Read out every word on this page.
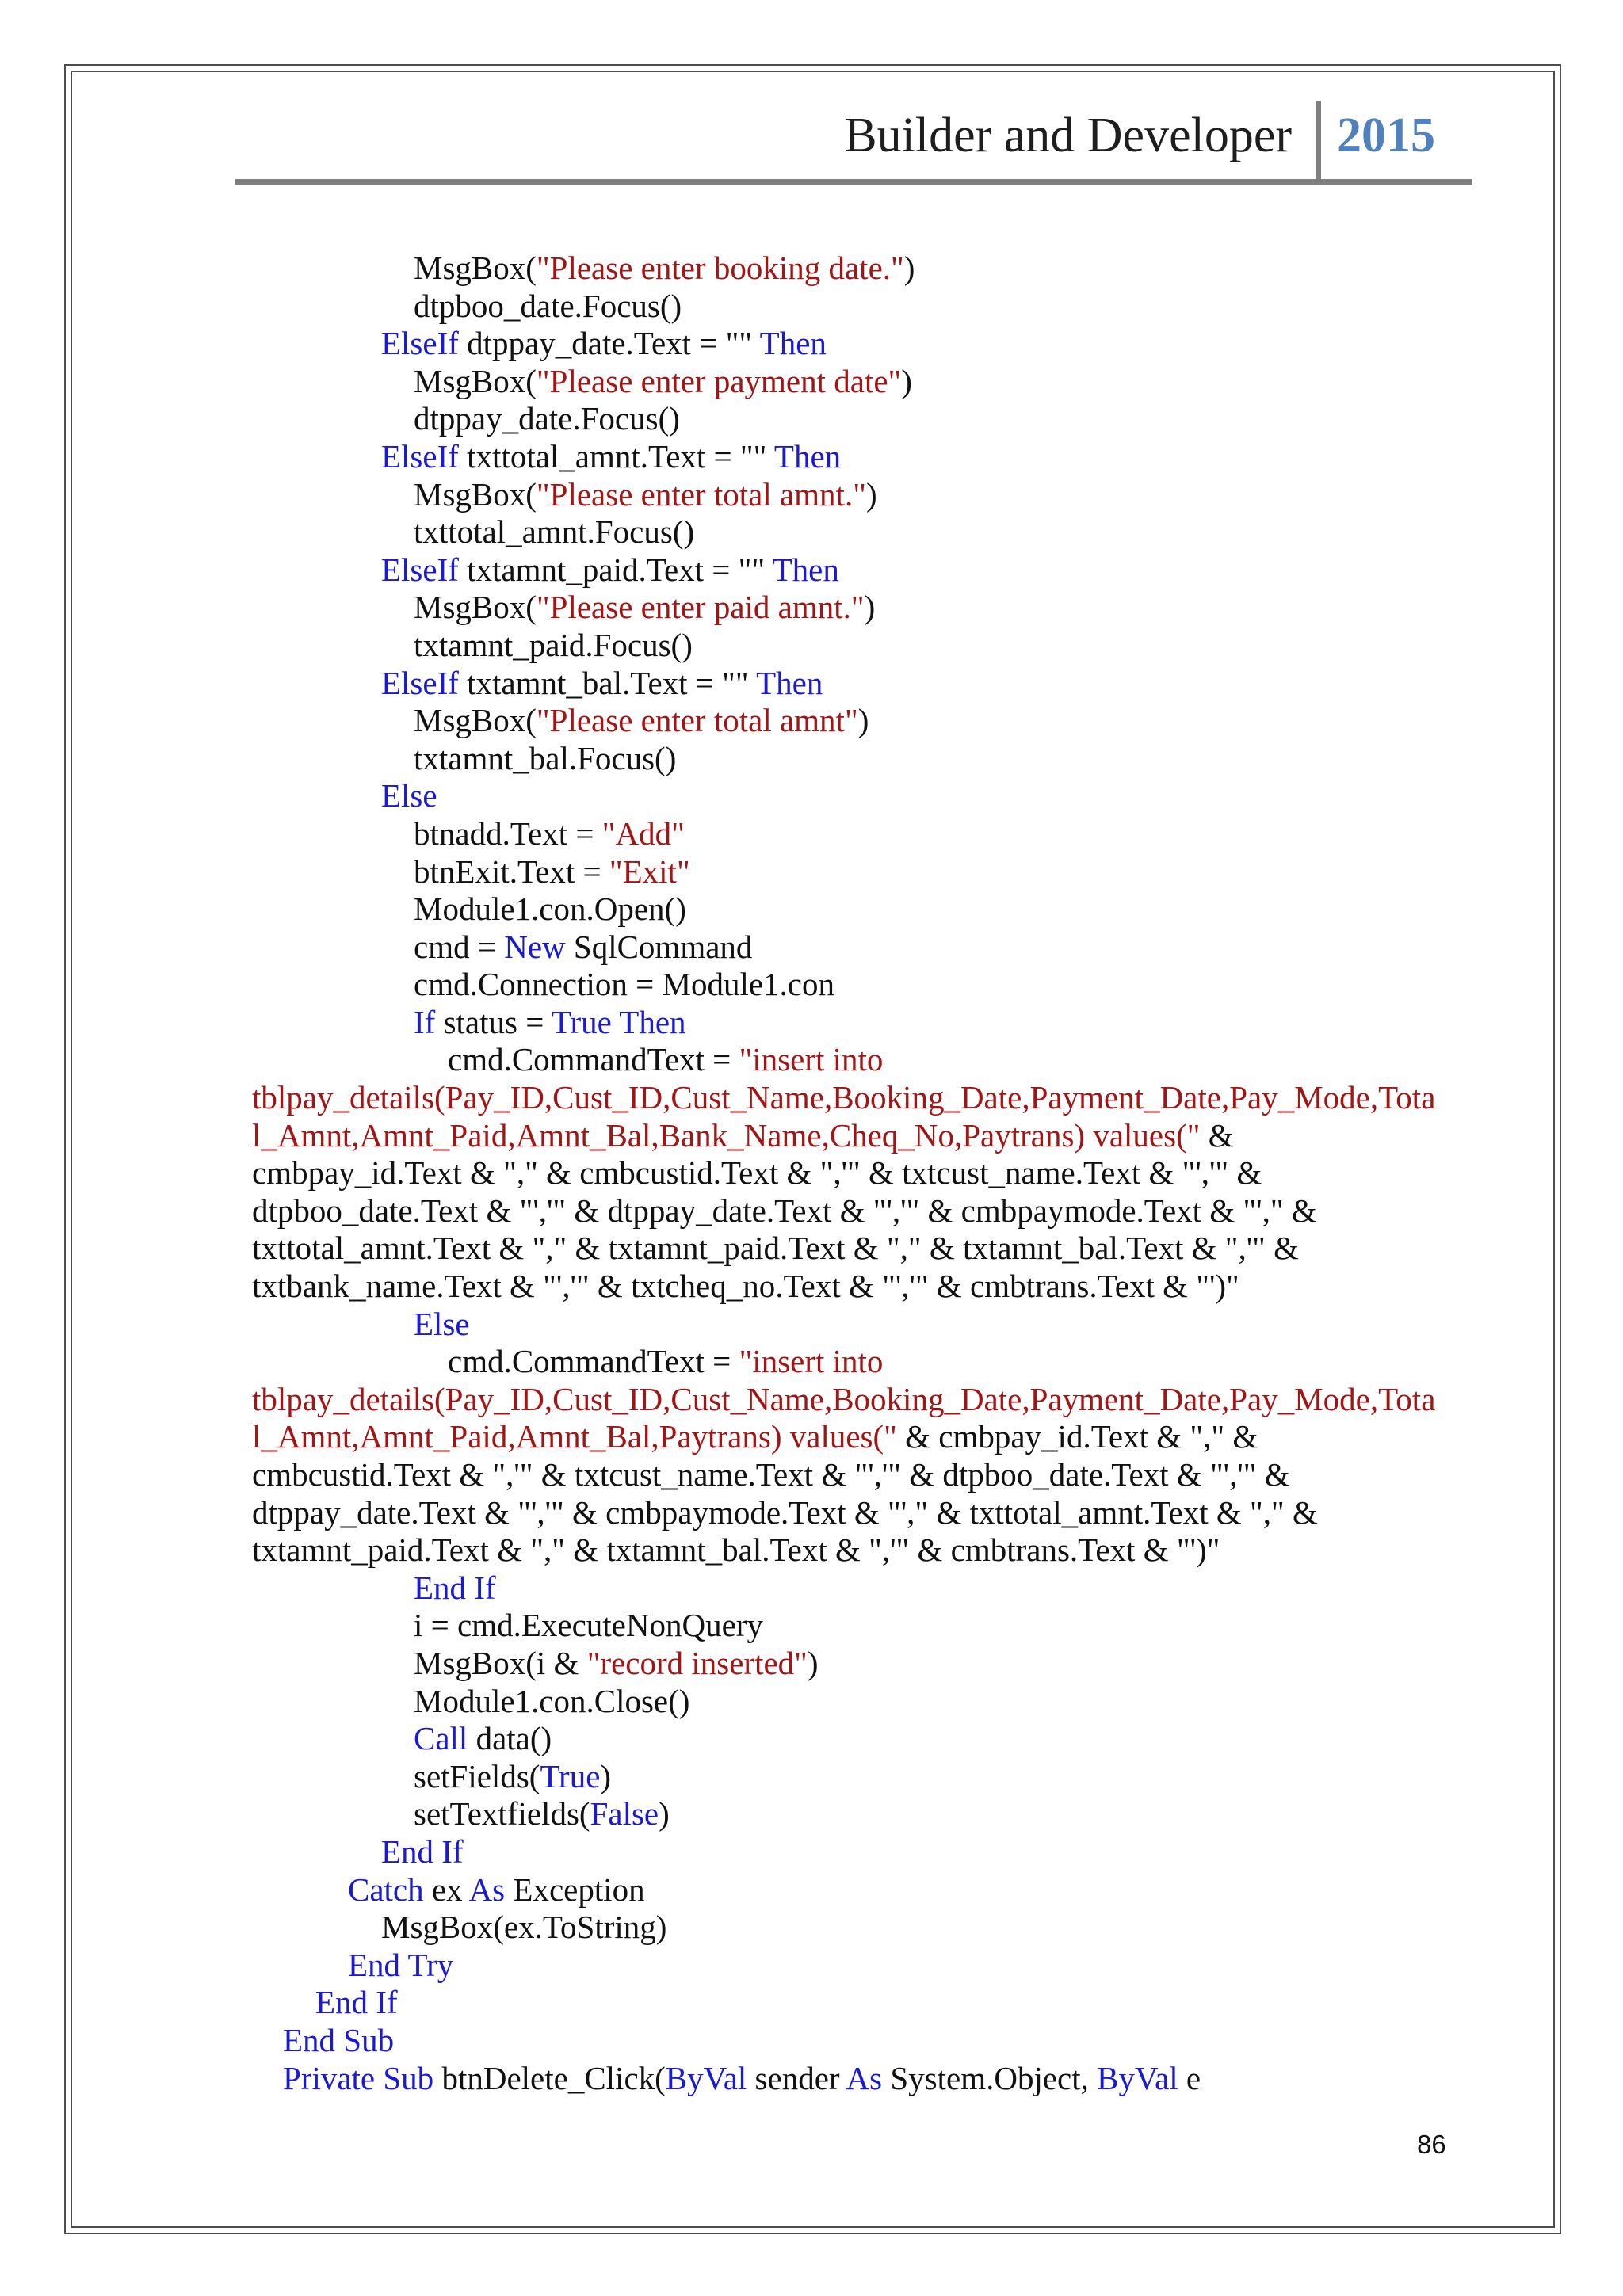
Builder and Developer 2015
MsgBox("Please enter booking date.")
dtpboo_date.Focus()
ElseIf dtppay_date.Text = "" Then
MsgBox("Please enter payment date")
dtppay_date.Focus()
ElseIf txttotal_amnt.Text = "" Then
MsgBox("Please enter total amnt.")
txttotal_amnt.Focus()
ElseIf txtamnt_paid.Text = "" Then
MsgBox("Please enter paid amnt.")
txtamnt_paid.Focus()
ElseIf txtamnt_bal.Text = "" Then
MsgBox("Please enter total amnt")
txtamnt_bal.Focus()
Else
btnadd.Text = "Add"
btnExit.Text = "Exit"
Module1.con.Open()
cmd = New SqlCommand
cmd.Connection = Module1.con
If status = True Then
cmd.CommandText = "insert into
tblpay_details(Pay_ID,Cust_ID,Cust_Name,Booking_Date,Payment_Date,Pay_Mode,Tota
l_Amnt,Amnt_Paid,Amnt_Bal,Bank_Name,Cheq_No,Paytrans) values(" &
cmbpay_id.Text & "," & cmbcustid.Text & ",'" & txtcust_name.Text & "','" &
dtpboo_date.Text & "','" & dtppay_date.Text & "','" & cmbpaymode.Text & "'," &
txttotal_amnt.Text & "," & txtamnt_paid.Text & "," & txtamnt_bal.Text & ",'" &
txtbank_name.Text & "','" & txtcheq_no.Text & "','" & cmbtrans.Text & "')"
Else
cmd.CommandText = "insert into
tblpay_details(Pay_ID,Cust_ID,Cust_Name,Booking_Date,Payment_Date,Pay_Mode,Tota
l_Amnt,Amnt_Paid,Amnt_Bal,Paytrans) values(" & cmbpay_id.Text & "," &
cmbcustid.Text & ",'" & txtcust_name.Text & "','" & dtpboo_date.Text & "','" &
dtppay_date.Text & "','" & cmbpaymode.Text & "'," & txttotal_amnt.Text & "," &
txtamnt_paid.Text & "," & txtamnt_bal.Text & ",'" & cmbtrans.Text & "')"
End If
i = cmd.ExecuteNonQuery
MsgBox(i & "record inserted")
Module1.con.Close()
Call data()
setFields(True)
setTextfields(False)
End If
Catch ex As Exception
MsgBox(ex.ToString)
End Try
End If
End Sub
Private Sub btnDelete_Click(ByVal sender As System.Object, ByVal e
86
